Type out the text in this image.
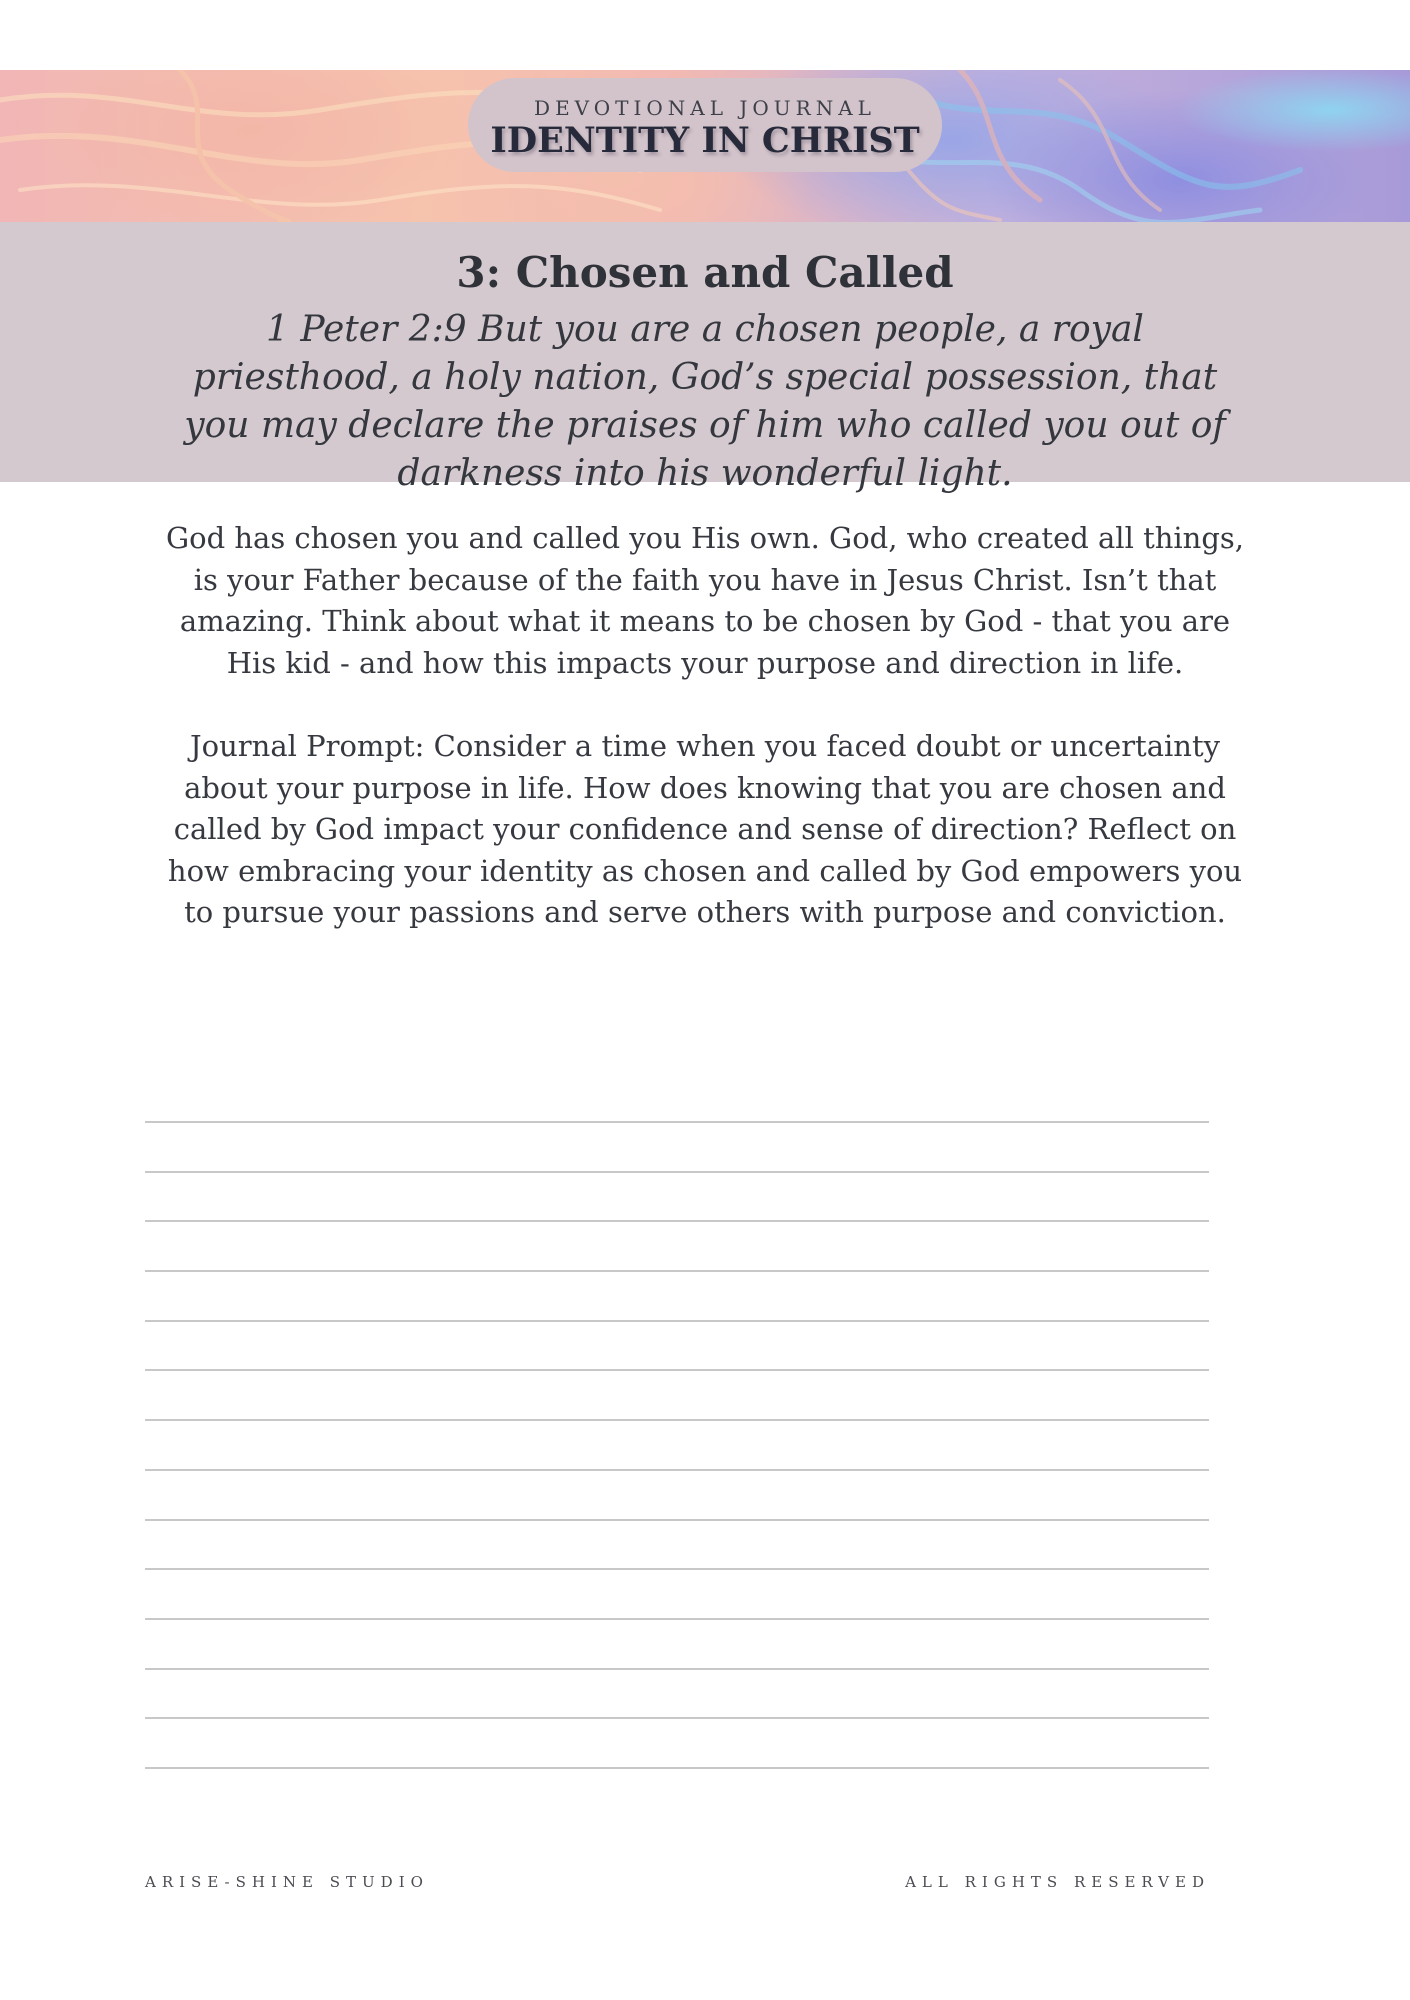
DEVOTIONAL JOURNAL
IDENTITY IN CHRIST
3: Chosen and Called
1 Peter 2:9 But you are a chosen people, a royal priesthood, a holy nation, God’s special possession, that you may declare the praises of him who called you out of darkness into his wonderful light.
God has chosen you and called you His own. God, who created all things, is your Father because of the faith you have in Jesus Christ. Isn’t that amazing. Think about what it means to be chosen by God - that you are His kid - and how this impacts your purpose and direction in life.
Journal Prompt: Consider a time when you faced doubt or uncertainty about your purpose in life. How does knowing that you are chosen and called by God impact your confidence and sense of direction? Reflect on how embracing your identity as chosen and called by God empowers you to pursue your passions and serve others with purpose and conviction.
ARISE-SHINE STUDIO	ALL RIGHTS RESERVED
